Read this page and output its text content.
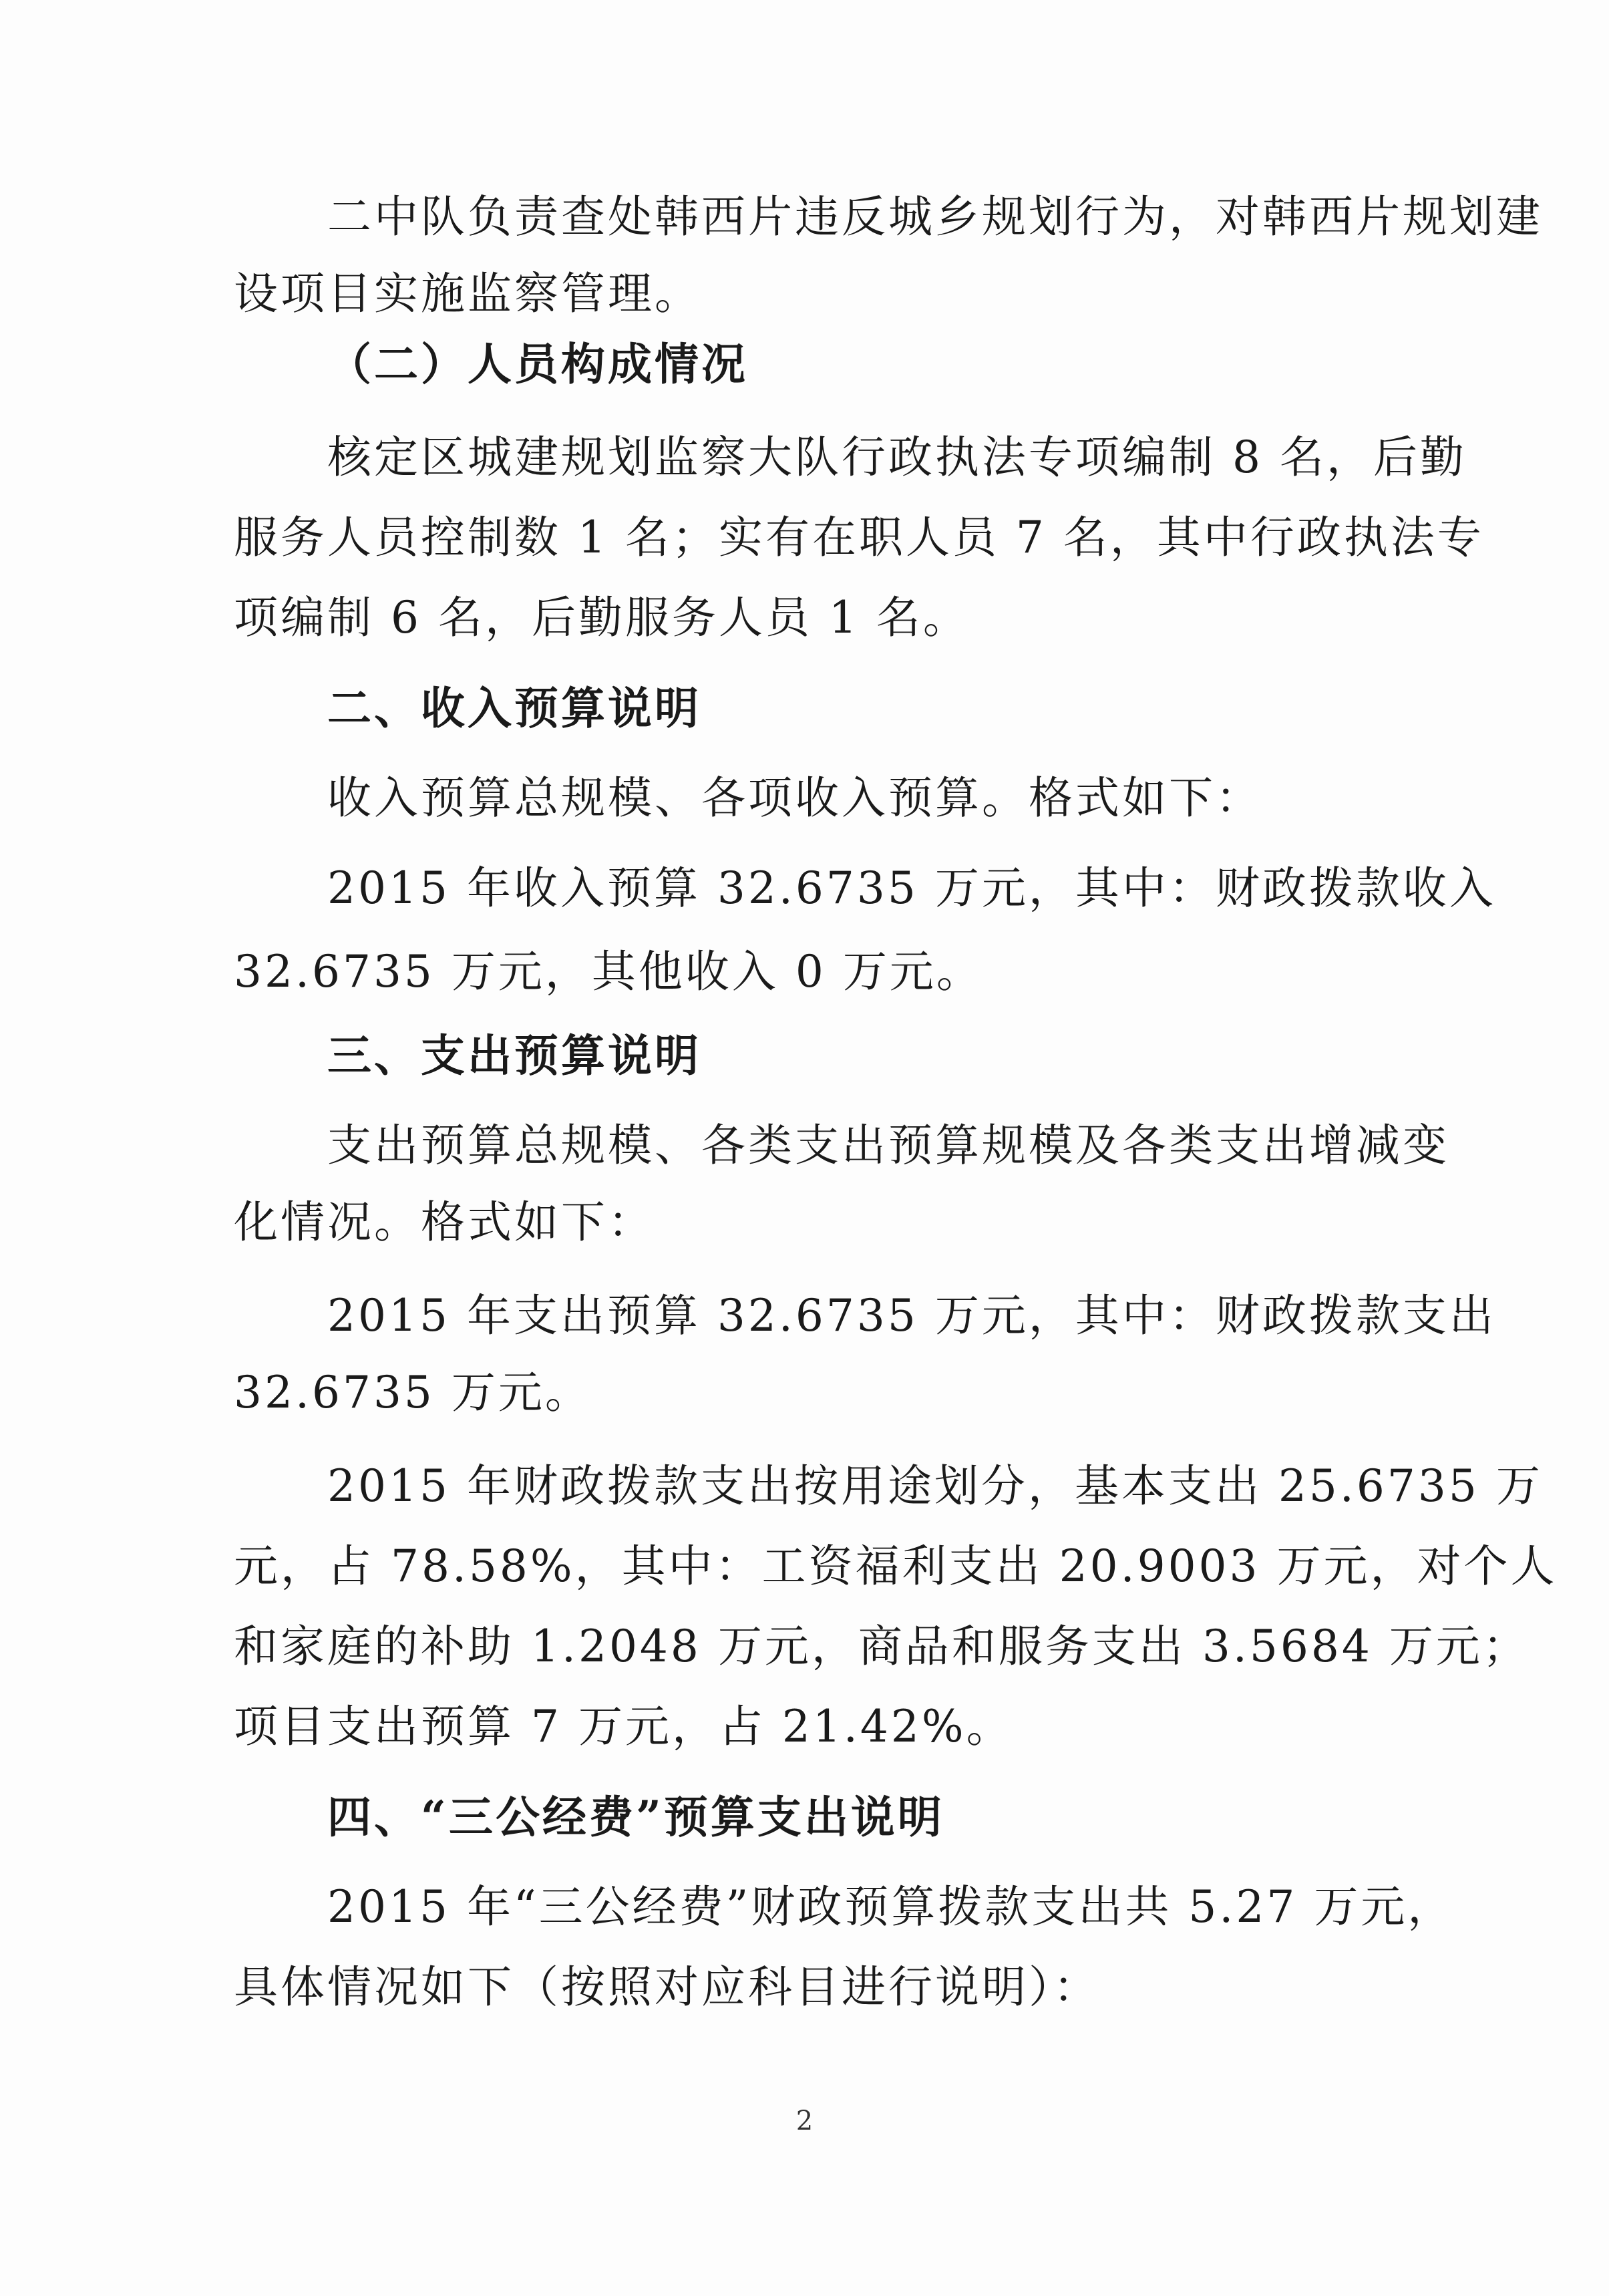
二中队负责查处韩西片违反城乡规划行为，对韩西片规划建
设项目实施监察管理。
（二）人员构成情况
核定区城建规划监察大队行政执法专项编制 8 名，后勤
服务人员控制数 1 名；实有在职人员 7 名，其中行政执法专
项编制 6 名，后勤服务人员 1 名。
二、收入预算说明
收入预算总规模、各项收入预算。格式如下：
2015 年收入预算 32.6735 万元，其中：财政拨款收入
32.6735 万元，其他收入 0 万元。
三、支出预算说明
支出预算总规模、各类支出预算规模及各类支出增减变
化情况。格式如下：
2015 年支出预算 32.6735 万元，其中：财政拨款支出
32.6735 万元。
2015 年财政拨款支出按用途划分，基本支出 25.6735 万
元，占 78.58%，其中：工资福利支出 20.9003 万元，对个人
和家庭的补助 1.2048 万元，商品和服务支出 3.5684 万元；
项目支出预算 7 万元，占 21.42%。
四、“三公经费”预算支出说明
2015 年“三公经费”财政预算拨款支出共 5.27 万元，
具体情况如下（按照对应科目进行说明）：
2
